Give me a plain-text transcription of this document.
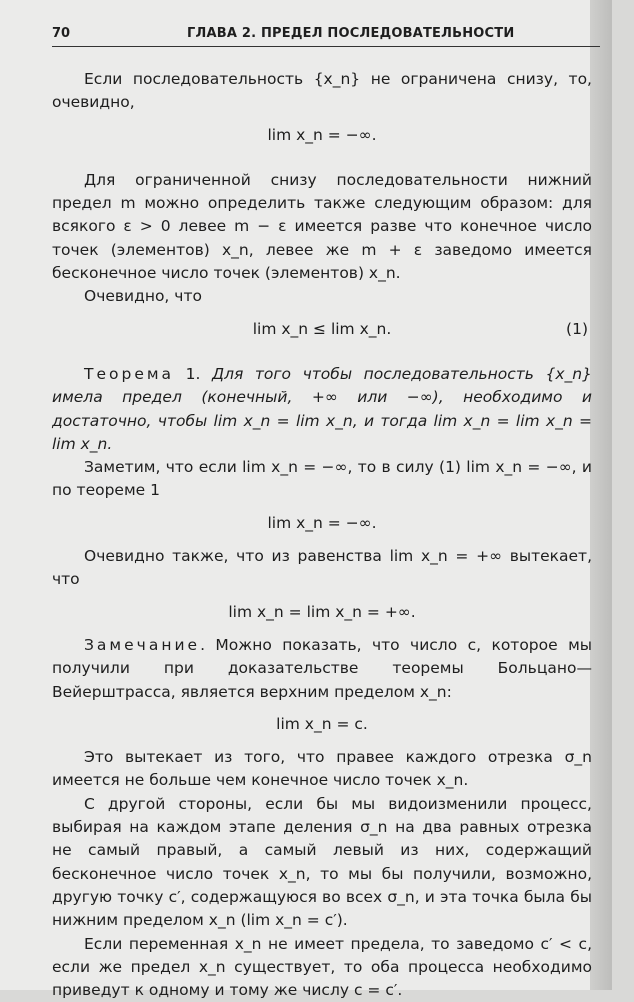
70	ГЛАВА 2. ПРЕДЕЛ ПОСЛЕДОВАТЕЛЬНОСТИ

Если последовательность {x_n} не ограничена снизу, то, очевидно,

lim x_n = −∞.

Для ограниченной снизу последовательности нижний предел m можно определить также следующим образом: для всякого ε > 0 левее m − ε имеется разве что конечное число точек (элементов) x_n, левее же m + ε заведомо имеется бесконечное число точек (элементов) x_n.

Очевидно, что

lim x_n ≤ lim x_n.	(1)

Теорема 1. Для того чтобы последовательность {x_n} имела предел (конечный, +∞ или −∞), необходимо и достаточно, чтобы lim x_n = lim x_n, и тогда lim x_n = lim x_n = lim x_n.

Заметим, что если lim x_n = −∞, то в силу (1) lim x_n = −∞, и по теореме 1

lim x_n = −∞.

Очевидно также, что из равенства lim x_n = +∞ вытекает, что

lim x_n = lim x_n = +∞.

Замечание. Можно показать, что число c, которое мы получили при доказательстве теоремы Больцано—Вейерштрасса, является верхним пределом x_n:

lim x_n = c.

Это вытекает из того, что правее каждого отрезка σ_n имеется не больше чем конечное число точек x_n.

С другой стороны, если бы мы видоизменили процесс, выбирая на каждом этапе деления σ_n на два равных отрезка не самый правый, а самый левый из них, содержащий бесконечное число точек x_n, то мы бы получили, возможно, другую точку c′, содержащуюся во всех σ_n, и эта точка была бы нижним пределом x_n (lim x_n = c′).

Если переменная x_n не имеет предела, то заведомо c′ < c, если же предел x_n существует, то оба процесса необходимо приведут к одному и тому же числу c = c′.
